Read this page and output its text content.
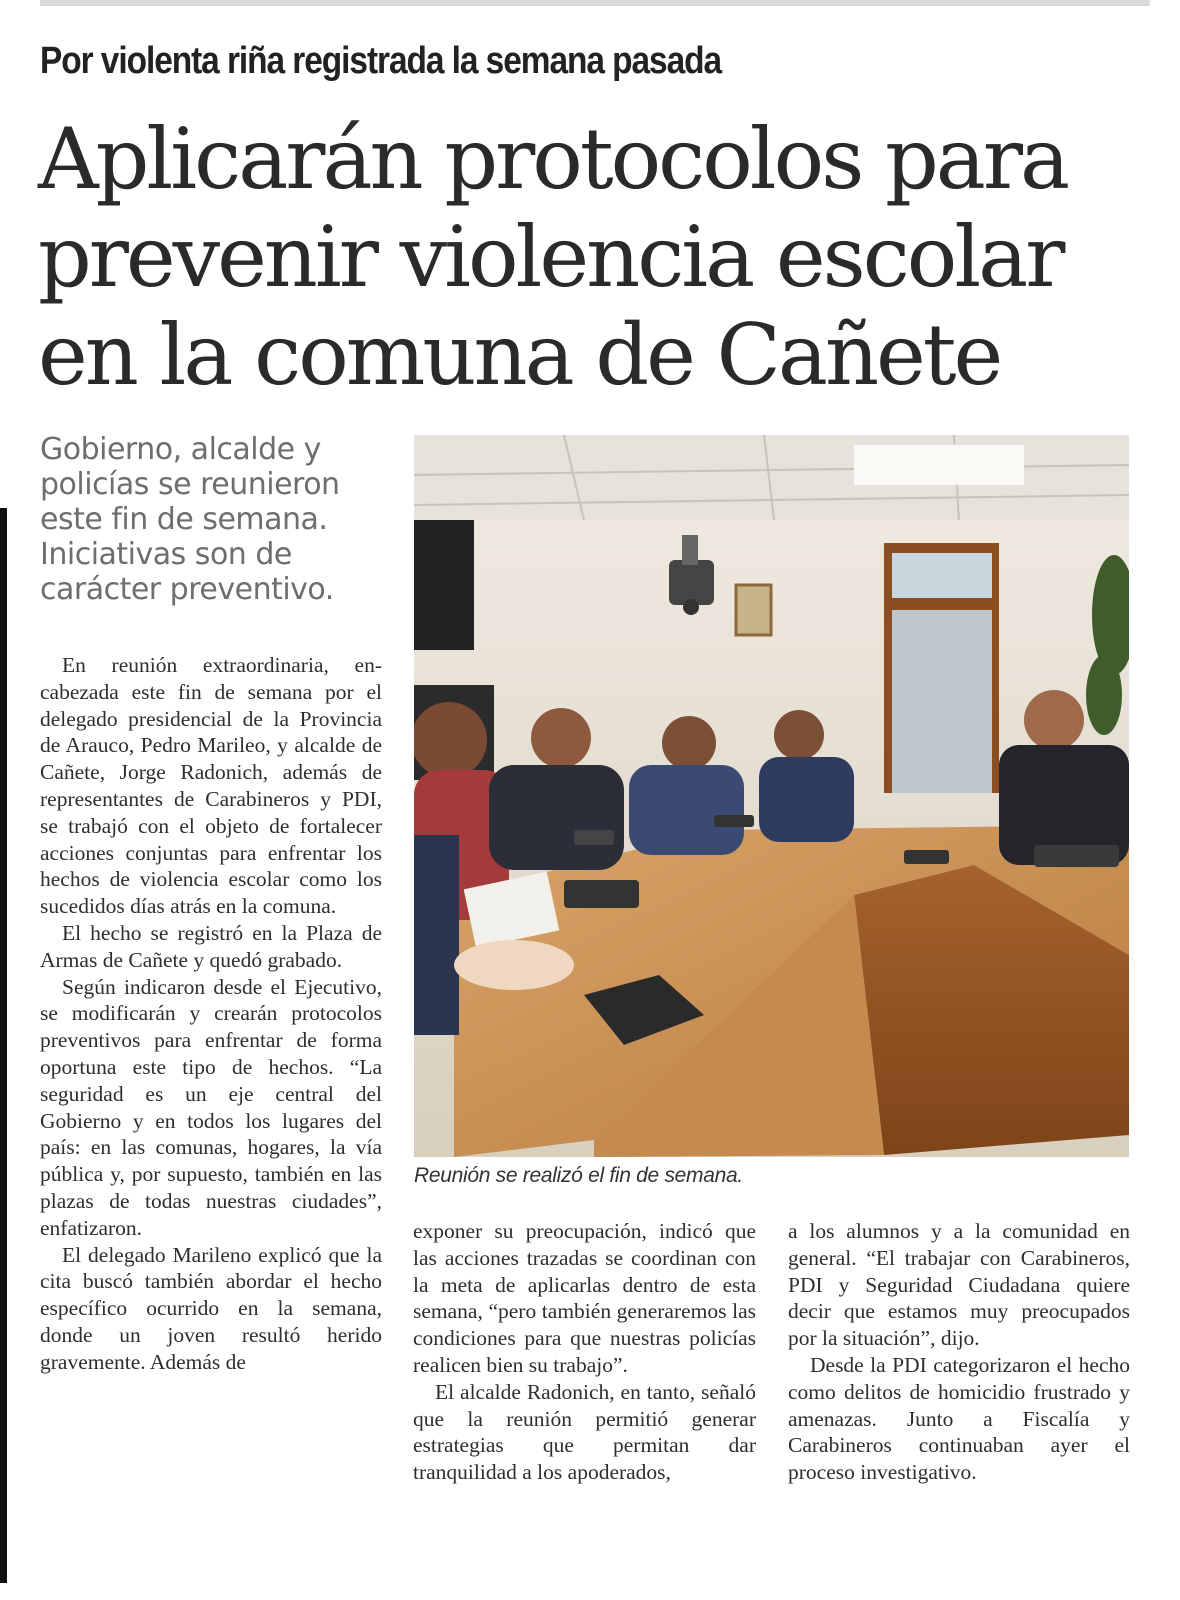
Por violenta riña registrada la semana pasada
Aplicarán protocolos para
prevenir violencia escolar
en la comuna de Cañete
Gobierno, alcalde y
policías se reunieron
este fin de semana.
Iniciativas son de
carácter preventivo.
Reunión se realizó el fin de semana.

En reunión extraordinaria, encabezada este fin de semana por el delegado presidencial de la Provincia de Arauco, Pedro Marileo, y alcalde de Cañete, Jorge Radonich, además de representantes de Carabineros y PDI, se trabajó con el objeto de fortalecer acciones conjuntas para enfrentar los hechos de violencia escolar como los sucedidos días atrás en la comuna.

El hecho se registró en la Plaza de Armas de Cañete y quedó grabado.

Según indicaron desde el Ejecutivo, se modificarán y crearán protocolos preventivos para enfrentar de forma oportuna este tipo de hechos. “La seguridad es un eje central del Gobierno y en todos los lugares del país: en las comunas, hogares, la vía pública y, por supuesto, también en las plazas de todas nuestras ciudades”, enfatizaron.

El delegado Marileno explicó que la cita buscó también abordar el hecho específico ocurrido en la semana, donde un joven resultó herido gravemente. Además de

exponer su preocupación, indicó que las acciones trazadas se coordinan con la meta de aplicarlas dentro de esta semana, “pero también generaremos las condiciones para que nuestras policías realicen bien su trabajo”.

El alcalde Radonich, en tanto, señaló que la reunión permitió generar estrategias que permitan dar tranquilidad a los apoderados,

a los alumnos y a la comunidad en general. “El trabajar con Carabineros, PDI y Seguridad Ciudadana quiere decir que estamos muy preocupados por la situación”, dijo.

Desde la PDI categorizaron el hecho como delitos de homicidio frustrado y amenazas. Junto a Fiscalía y Carabineros continuaban ayer el proceso investigativo.
